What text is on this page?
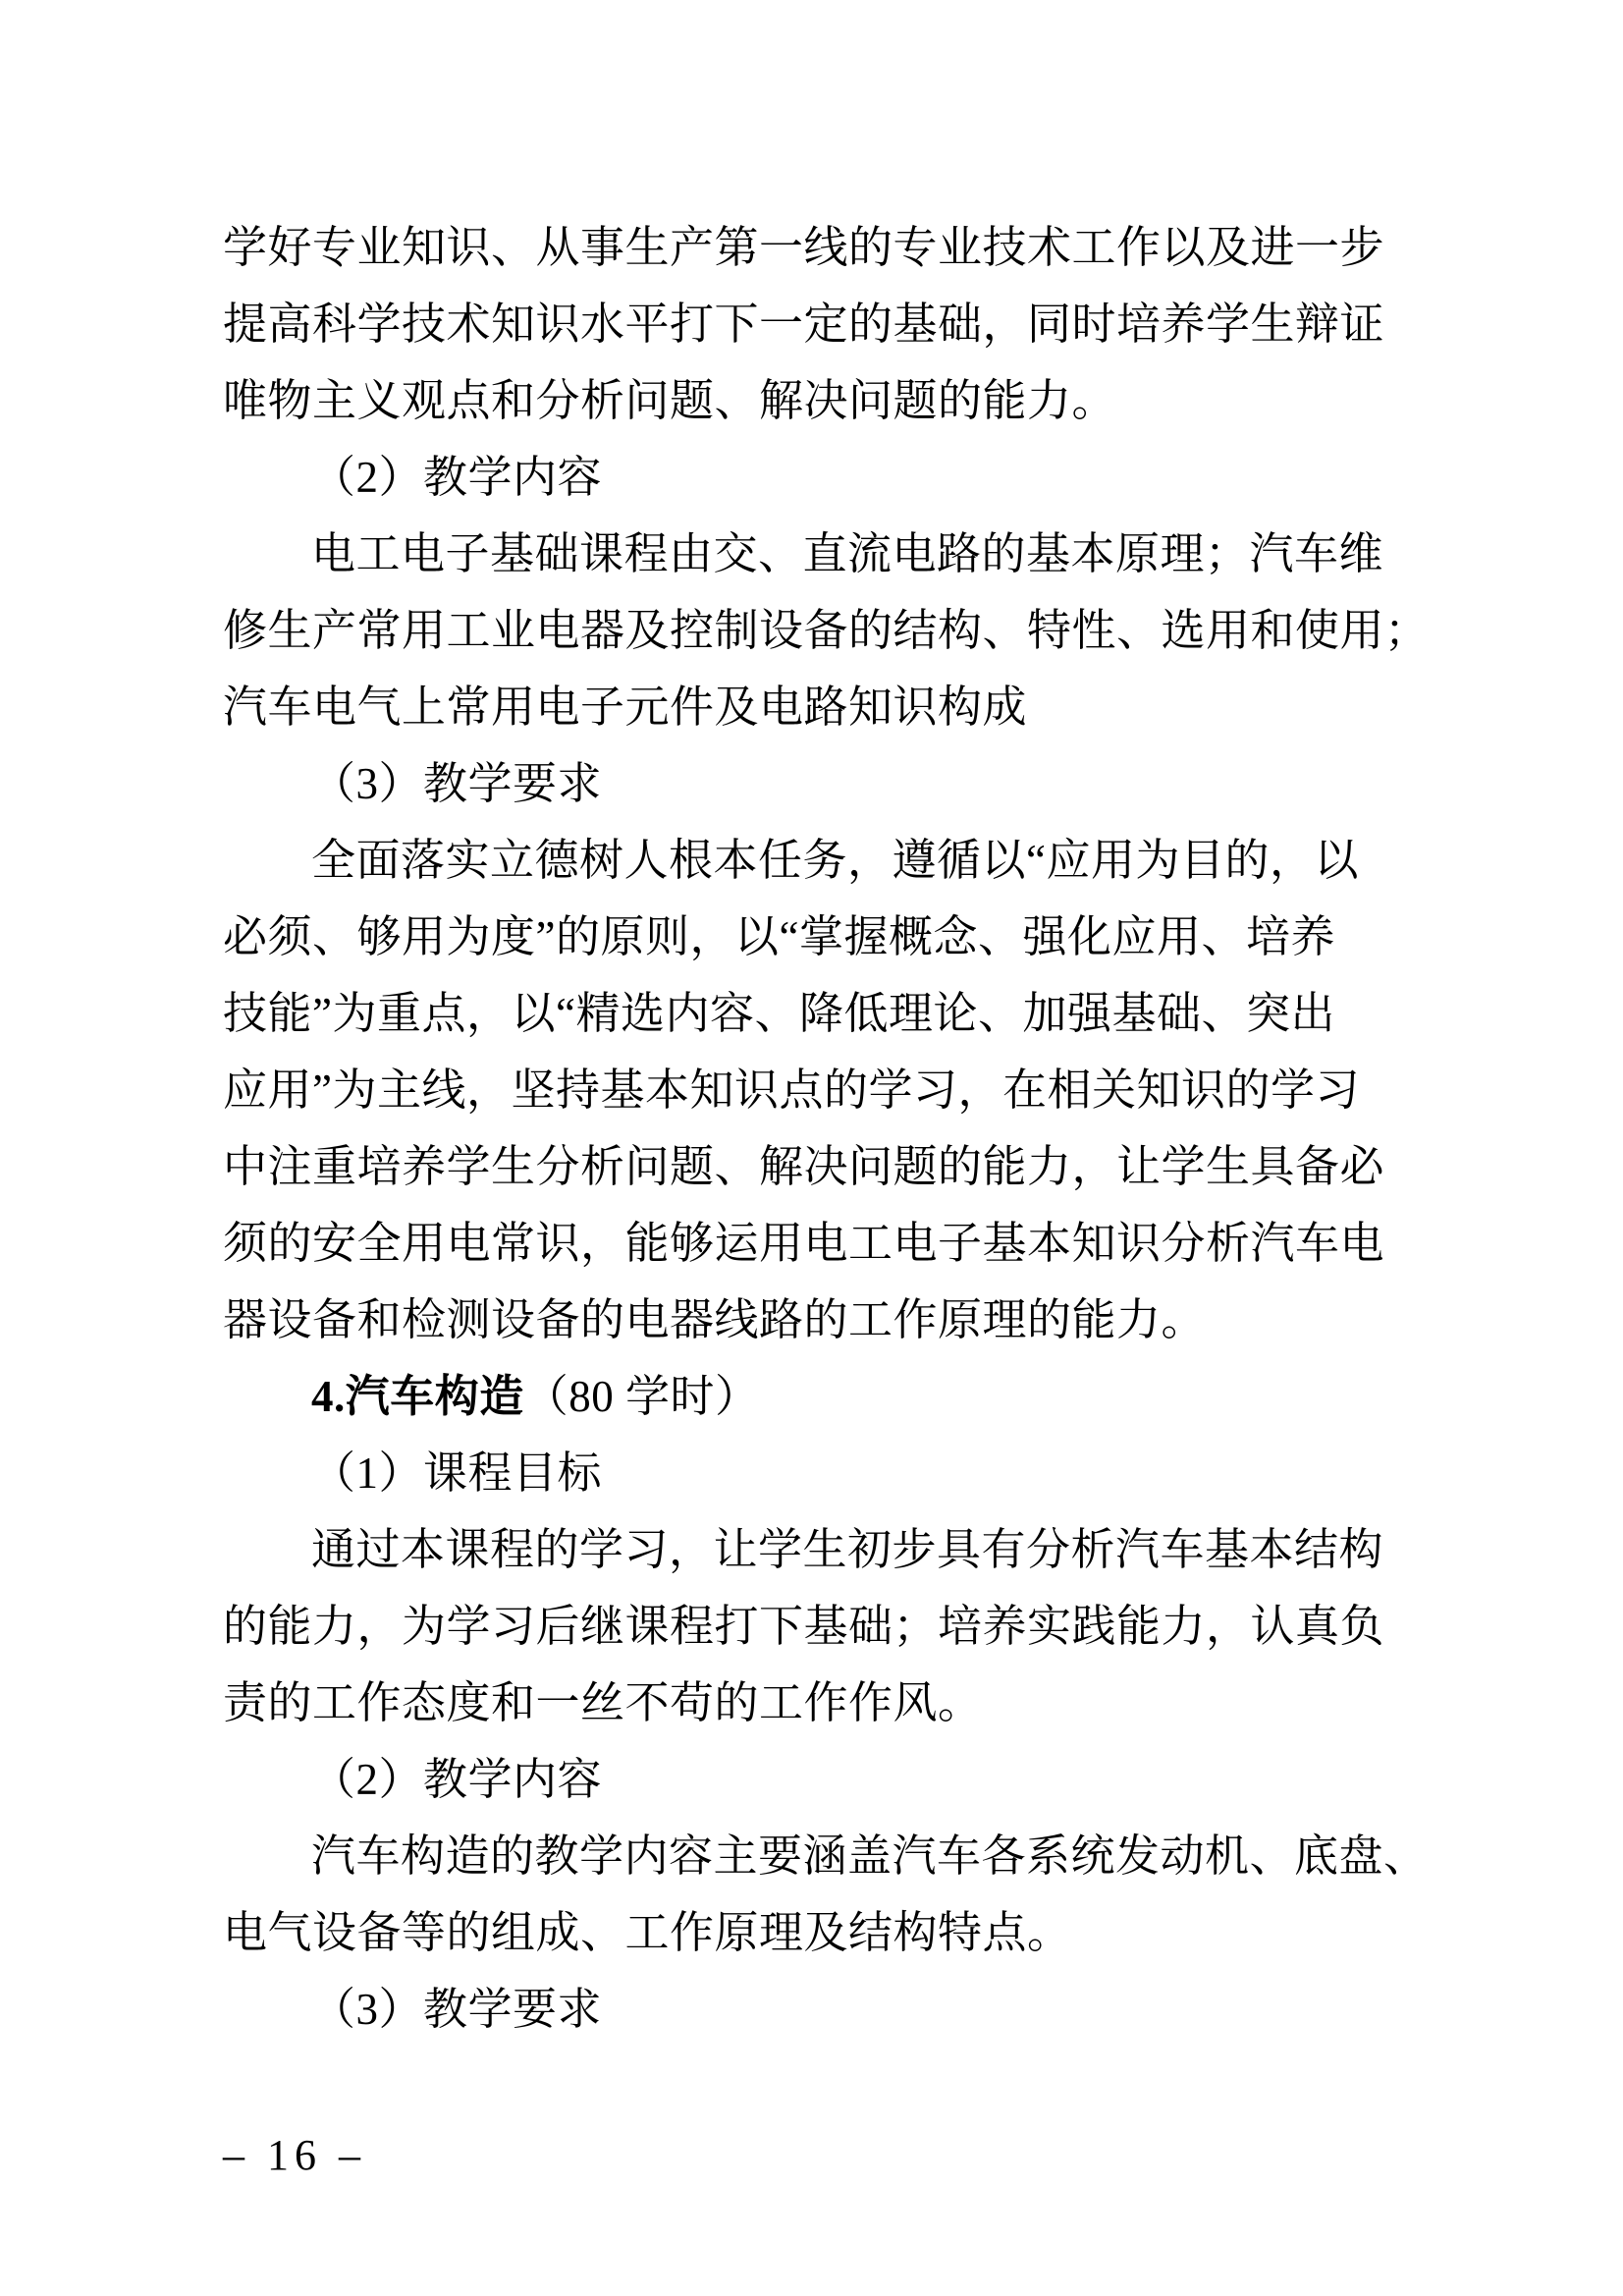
学好专业知识、从事生产第一线的专业技术工作以及进一步
提高科学技术知识水平打下一定的基础，同时培养学生辩证
唯物主义观点和分析问题、解决问题的能力。
（2）教学内容
电工电子基础课程由交、直流电路的基本原理；汽车维
修生产常用工业电器及控制设备的结构、特性、选用和使用；
汽车电气上常用电子元件及电路知识构成
（3）教学要求
全面落实立德树人根本任务，遵循以“应用为目的，以
必须、够用为度”的原则，以“掌握概念、强化应用、培养
技能”为重点，以“精选内容、降低理论、加强基础、突出
应用”为主线，坚持基本知识点的学习，在相关知识的学习
中注重培养学生分析问题、解决问题的能力，让学生具备必
须的安全用电常识，能够运用电工电子基本知识分析汽车电
器设备和检测设备的电器线路的工作原理的能力。
4.汽车构造（80 学时）
（1）课程目标
通过本课程的学习，让学生初步具有分析汽车基本结构
的能力，为学习后继课程打下基础；培养实践能力，认真负
责的工作态度和一丝不苟的工作作风。
（2）教学内容
汽车构造的教学内容主要涵盖汽车各系统发动机、底盘、
电气设备等的组成、工作原理及结构特点。
（3）教学要求
– 16 –
